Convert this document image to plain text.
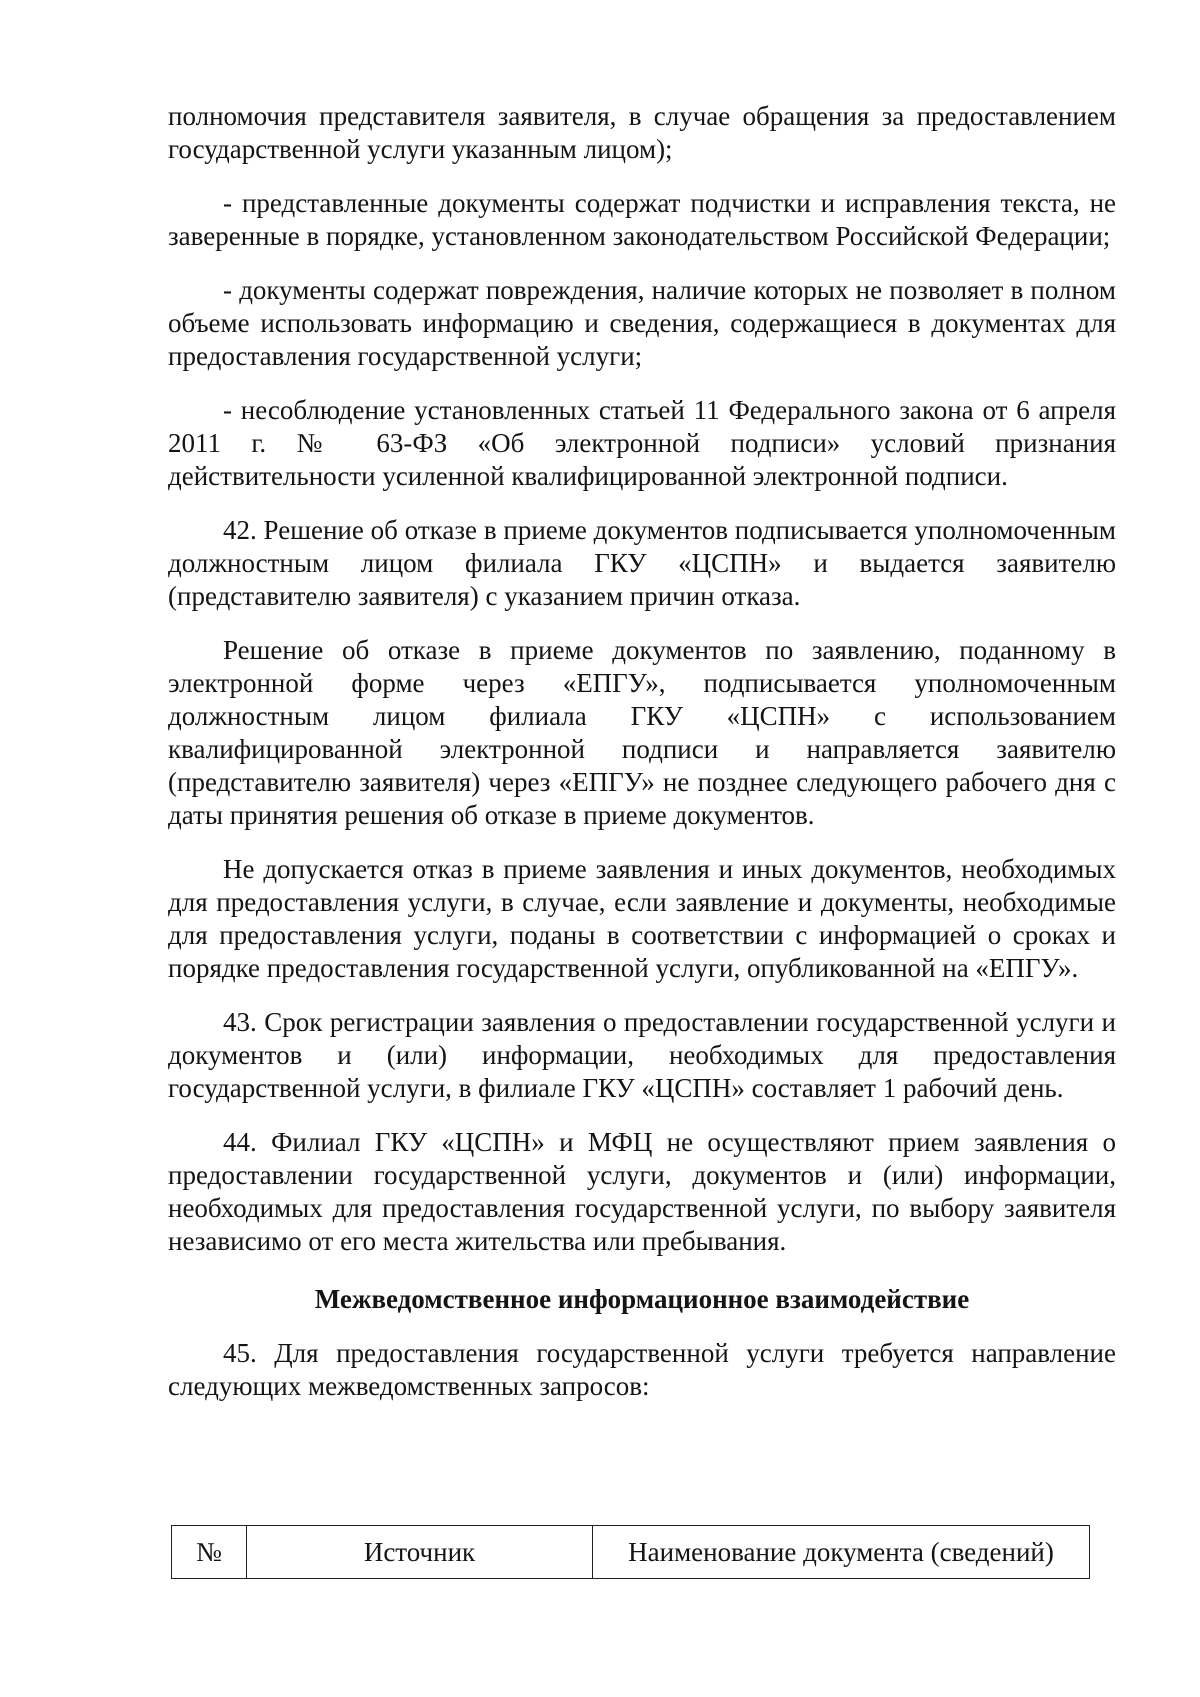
полномочия представителя заявителя, в случае обращения за предоставлением государственной услуги указанным лицом);

- представленные документы содержат подчистки и исправления текста, не заверенные в порядке, установленном законодательством Российской Федерации;

- документы содержат повреждения, наличие которых не позволяет в полном объеме использовать информацию и сведения, содержащиеся в документах для предоставления государственной услуги;

- несоблюдение установленных статьей 11 Федерального закона от 6 апреля 2011 г. № 63-ФЗ «Об электронной подписи» условий признания действительности усиленной квалифицированной электронной подписи.

42. Решение об отказе в приеме документов подписывается уполномоченным должностным лицом филиала ГКУ «ЦСПН» и выдается заявителю (представителю заявителя) с указанием причин отказа.

Решение об отказе в приеме документов по заявлению, поданному в электронной форме через «ЕПГУ», подписывается уполномоченным должностным лицом филиала ГКУ «ЦСПН» с использованием квалифицированной электронной подписи и направляется заявителю (представителю заявителя) через «ЕПГУ» не позднее следующего рабочего дня с даты принятия решения об отказе в приеме документов.

Не допускается отказ в приеме заявления и иных документов, необходимых для предоставления услуги, в случае, если заявление и документы, необходимые для предоставления услуги, поданы в соответствии с информацией о сроках и порядке предоставления государственной услуги, опубликованной на «ЕПГУ».

43. Срок регистрации заявления о предоставлении государственной услуги и документов и (или) информации, необходимых для предоставления государственной услуги, в филиале ГКУ «ЦСПН» составляет 1 рабочий день.

44. Филиал ГКУ «ЦСПН» и МФЦ не осуществляют прием заявления о предоставлении государственной услуги, документов и (или) информации, необходимых для предоставления государственной услуги, по выбору заявителя независимо от его места жительства или пребывания.

Межведомственное информационное взаимодействие

45. Для предоставления государственной услуги требуется направление следующих межведомственных запросов:

№	Источник	Наименование документа (сведений)
